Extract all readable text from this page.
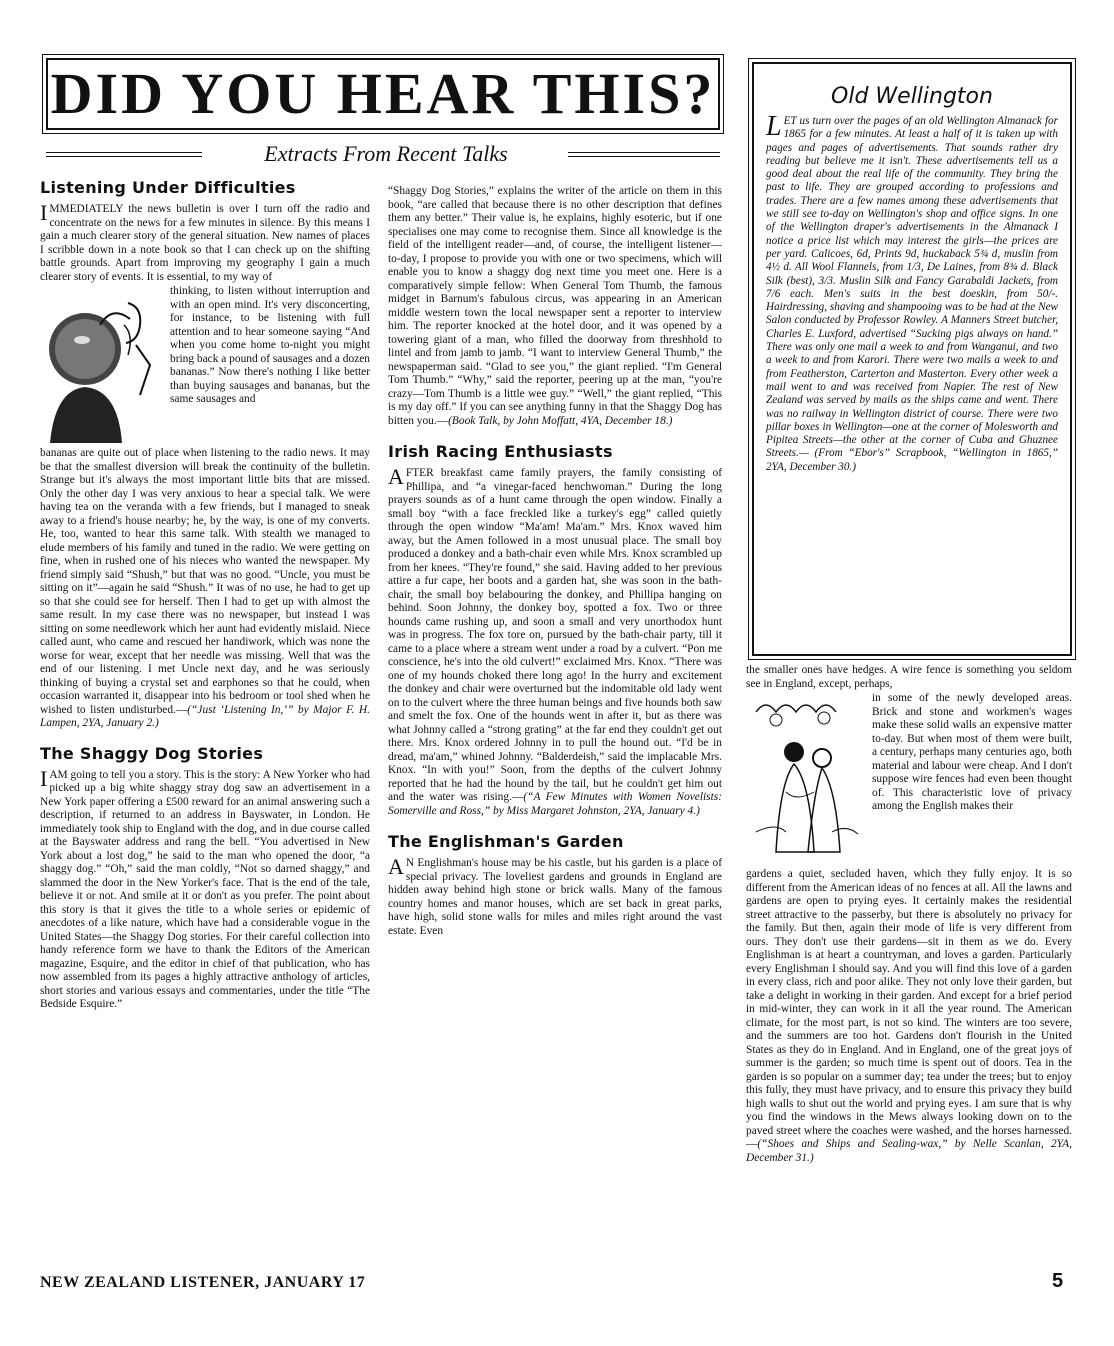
DID YOU HEAR THIS?
Extracts From Recent Talks
Listening Under Difficulties
I MMEDIATELY the news bulletin is over I turn off the radio and concentrate on the news for a few minutes in silence. By this means I gain a much clearer story of the general situation. New names of places I scribble down in a note book so that I can check up on the shifting battle grounds. Apart from improving my geography I gain a much clearer story of events. It is essential, to my way of
thinking, to listen without interruption and with an open mind. It's very disconcerting, for instance, to be listening with full attention and to hear someone saying “And when you come home to-night you might bring back a pound of sausages and a dozen bananas.” Now there's nothing I like better than buying sausages and bananas, but the same sausages and
bananas are quite out of place when listening to the radio news. It may be that the smallest diversion will break the continuity of the bulletin. Strange but it's always the most important little bits that are missed. Only the other day I was very anxious to hear a special talk. We were having tea on the veranda with a few friends, but I managed to sneak away to a friend's house nearby; he, by the way, is one of my converts. He, too, wanted to hear this same talk. With stealth we managed to elude members of his family and tuned in the radio. We were getting on fine, when in rushed one of his nieces who wanted the newspaper. My friend simply said “Shush,” but that was no good. “Uncle, you must be sitting on it”—again he said “Shush.” It was of no use, he had to get up so that she could see for herself. Then I had to get up with almost the same result. In my case there was no newspaper, but instead I was sitting on some needlework which her aunt had evidently mislaid. Niece called aunt, who came and rescued her handiwork, which was none the worse for wear, except that her needle was missing. Well that was the end of our listening. I met Uncle next day, and he was seriously thinking of buying a crystal set and earphones so that he could, when occasion warranted it, disappear into his bedroom or tool shed when he wished to listen undisturbed.—(“Just ‘Listening In,’” by Major F. H. Lampen, 2YA, January 2.)
The Shaggy Dog Stories
I AM going to tell you a story. This is the story: A New Yorker who had picked up a big white shaggy stray dog saw an advertisement in a New York paper offering a £500 reward for an animal answering such a description, if returned to an address in Bayswater, in London. He immediately took ship to England with the dog, and in due course called at the Bayswater address and rang the bell. “You advertised in New York about a lost dog,” he said to the man who opened the door, “a shaggy dog.” “Oh,” said the man coldly, “Not so darned shaggy,” and slammed the door in the New Yorker's face. That is the end of the tale, believe it or not. And smile at it or don't as you prefer. The point about this story is that it gives the title to a whole series or epidemic of anecdotes of a like nature, which have had a considerable vogue in the United States—the Shaggy Dog stories. For their careful collection into handy reference form we have to thank the Editors of the American magazine, Esquire, and the editor in chief of that publication, who has now assembled from its pages a highly attractive anthology of articles, short stories and various essays and commentaries, under the title “The Bedside Esquire.”
“Shaggy Dog Stories,” explains the writer of the article on them in this book, “are called that because there is no other description that defines them any better.” Their value is, he explains, highly esoteric, but if one specialises one may come to recognise them. Since all knowledge is the field of the intelligent reader—and, of course, the intelligent listener—to-day, I propose to provide you with one or two specimens, which will enable you to know a shaggy dog next time you meet one. Here is a comparatively simple fellow: When General Tom Thumb, the famous midget in Barnum's fabulous circus, was appearing in an American middle western town the local newspaper sent a reporter to interview him. The reporter knocked at the hotel door, and it was opened by a towering giant of a man, who filled the doorway from threshhold to lintel and from jamb to jamb. “I want to interview General Thumb,” the newspaperman said. “Glad to see you,” the giant replied. “I'm General Tom Thumb.” “Why,” said the reporter, peering up at the man, “you're crazy—Tom Thumb is a little wee guy.” “Well,” the giant replied, “This is my day off.” If you can see anything funny in that the Shaggy Dog has bitten you.—(Book Talk, by John Moffatt, 4YA, December 18.)
Irish Racing Enthusiasts
A FTER breakfast came family prayers, the family consisting of Phillipa, and “a vinegar-faced henchwoman.” During the long prayers sounds as of a hunt came through the open window. Finally a small boy “with a face freckled like a turkey's egg” called quietly through the open window “Ma'am! Ma'am.” Mrs. Knox waved him away, but the Amen followed in a most unusual place. The small boy produced a donkey and a bath-chair even while Mrs. Knox scrambled up from her knees. “They're found,” she said. Having added to her previous attire a fur cape, her boots and a garden hat, she was soon in the bath-chair, the small boy belabouring the donkey, and Phillipa hanging on behind. Soon Johnny, the donkey boy, spotted a fox. Two or three hounds came rushing up, and soon a small and very unorthodox hunt was in progress. The fox tore on, pursued by the bath-chair party, till it came to a place where a stream went under a road by a culvert. “Pon me conscience, he's into the old culvert!” exclaimed Mrs. Knox. “There was one of my hounds choked there long ago! In the hurry and excitement the donkey and chair were overturned but the indomitable old lady went on to the culvert where the three human beings and five hounds both saw and smelt the fox. One of the hounds went in after it, but as there was what Johnny called a “strong grating” at the far end they couldn't get out there. Mrs. Knox ordered Johnny in to pull the hound out. “I'd be in dread, ma'am,” whined Johnny. “Balderdeish,” said the implacable Mrs. Knox. “In with you!” Soon, from the depths of the culvert Johnny reported that he had the hound by the tail, but he couldn't get him out and the water was rising.—(“A Few Minutes with Women Novelists: Somerville and Ross,” by Miss Margaret Johnston, 2YA, January 4.)
The Englishman's Garden
A N Englishman's house may be his castle, but his garden is a place of special privacy. The loveliest gardens and grounds in England are hidden away behind high stone or brick walls. Many of the famous country homes and manor houses, which are set back in great parks, have high, solid stone walls for miles and miles right around the vast estate. Even
Old Wellington
L ET us turn over the pages of an old Wellington Almanack for 1865 for a few minutes. At least a half of it is taken up with pages and pages of advertisements. That sounds rather dry reading but believe me it isn't. These advertisements tell us a good deal about the real life of the community. They bring the past to life. They are grouped according to professions and trades. There are a few names among these advertisements that we still see to-day on Wellington's shop and office signs. In one of the Wellington draper's advertisements in the Almanack I notice a price list which may interest the girls—the prices are per yard. Calicoes, 6d, Prints 9d, huckaback 5¾ d, muslin from 4½ d. All Wool Flannels, from 1/3, De Laines, from 8¾ d. Black Silk (best), 3/3. Muslin Silk and Fancy Garabaldi Jackets, from 7/6 each. Men's suits in the best doeskin, from 50/-. Hairdressing, shaving and shampooing was to be had at the New Salon conducted by Professor Rowley. A Manners Street butcher, Charles E. Luxford, advertised “Sucking pigs always on hand.” There was only one mail a week to and from Wanganui, and two a week to and from Karori. There were two mails a week to and from Featherston, Carterton and Masterton. Every other week a mail went to and was received from Napier. The rest of New Zealand was served by mails as the ships came and went. There was no railway in Wellington district of course. There were two pillar boxes in Wellington—one at the corner of Molesworth and Pipitea Streets—the other at the corner of Cuba and Ghuznee Streets.— (From “Ebor's” Scrapbook, “Wellington in 1865,” 2YA, December 30.)
the smaller ones have hedges. A wire fence is something you seldom see in England, except, perhaps,
in some of the newly developed areas. Brick and stone and workmen's wages make these solid walls an expensive matter to-day. But when most of them were built, a century, perhaps many centuries ago, both material and labour were cheap. And I don't suppose wire fences had even been thought of. This characteristic love of privacy among the English makes their
gardens a quiet, secluded haven, which they fully enjoy. It is so different from the American ideas of no fences at all. All the lawns and gardens are open to prying eyes. It certainly makes the residential street attractive to the passerby, but there is absolutely no privacy for the family. But then, again their mode of life is very different from ours. They don't use their gardens—sit in them as we do. Every Englishman is at heart a countryman, and loves a garden. Particularly every Englishman I should say. And you will find this love of a garden in every class, rich and poor alike. They not only love their garden, but take a delight in working in their garden. And except for a brief period in mid-winter, they can work in it all the year round. The American climate, for the most part, is not so kind. The winters are too severe, and the summers are too hot. Gardens don't flourish in the United States as they do in England. And in England, one of the great joys of summer is the garden; so much time is spent out of doors. Tea in the garden is so popular on a summer day; tea under the trees; but to enjoy this fully, they must have privacy, and to ensure this privacy they build high walls to shut out the world and prying eyes. I am sure that is why you find the windows in the Mews always looking down on to the paved street where the coaches were washed, and the horses harnessed.—(“Shoes and Ships and Sealing-wax,” by Nelle Scanlan, 2YA, December 31.)
NEW ZEALAND LISTENER, JANUARY 17	5
